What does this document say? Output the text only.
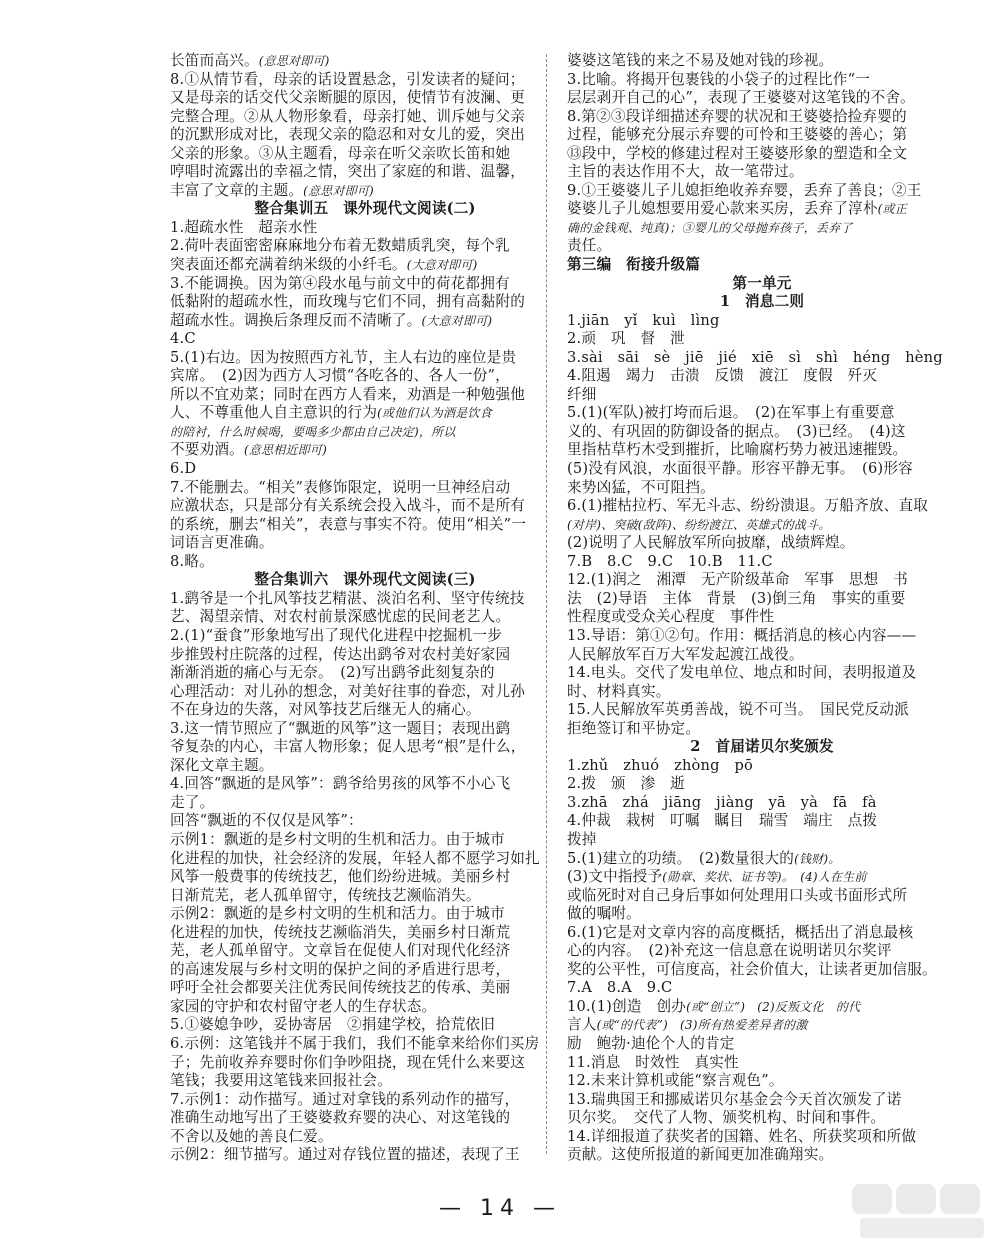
长笛而高兴。(意思对即可)
8.①从情节看，母亲的话设置悬念，引发读者的疑问；
又是母亲的话交代父亲断腿的原因，使情节有波澜、更
完整合理。②从人物形象看，母亲打她、训斥她与父亲
的沉默形成对比，表现父亲的隐忍和对女儿的爱，突出
父亲的形象。③从主题看，母亲在听父亲吹长笛和她
哼唱时流露出的幸福之情，突出了家庭的和谐、温馨，
丰富了文章的主题。(意思对即可)
整合集训五　课外现代文阅读(二)
1.超疏水性　超亲水性
2.荷叶表面密密麻麻地分布着无数蜡质乳突，每个乳
突表面还都充满着纳米级的小纤毛。(大意对即可)
3.不能调换。因为第④段水黾与前文中的荷花都拥有
低黏附的超疏水性，而玫瑰与它们不同，拥有高黏附的
超疏水性。调换后条理反而不清晰了。(大意对即可)
4.C
5.(1)右边。因为按照西方礼节，主人右边的座位是贵
宾席。　(2)因为西方人习惯“各吃各的、各人一份”，
所以不宜劝菜；同时在西方人看来，劝酒是一种勉强他
人、不尊重他人自主意识的行为(或他们认为酒是饮食
的陪衬，什么时候喝，要喝多少都由自己决定)，所以
不要劝酒。(意思相近即可)
6.D
7.不能删去。“相关”表修饰限定，说明一旦神经启动
应激状态，只是部分有关系统会投入战斗，而不是所有
的系统，删去“相关”，表意与事实不符。使用“相关”一
词语言更准确。
8.略。
整合集训六　课外现代文阅读(三)
1.鹞爷是一个扎风筝技艺精湛、淡泊名利、坚守传统技
艺、渴望亲情、对农村前景深感忧虑的民间老艺人。
2.(1)“蚕食”形象地写出了现代化进程中挖掘机一步
步推毁村庄院落的过程，传达出鹞爷对农村美好家园
渐渐消逝的痛心与无奈。　(2)写出鹞爷此刻复杂的
心理活动：对儿孙的想念，对美好往事的眷恋，对儿孙
不在身边的失落，对风筝技艺后继无人的痛心。
3.这一情节照应了“飘逝的风筝”这一题目；表现出鹞
爷复杂的内心，丰富人物形象；促人思考“根”是什么，
深化文章主题。
4.回答“飘逝的是风筝”：鹞爷给男孩的风筝不小心飞
走了。
回答“飘逝的不仅仅是风筝”：
示例1：飘逝的是乡村文明的生机和活力。由于城市
化进程的加快，社会经济的发展，年轻人都不愿学习如扎
风筝一般费事的传统技艺，他们纷纷进城。美丽乡村
日渐荒芜，老人孤单留守，传统技艺濒临消失。
示例2：飘逝的是乡村文明的生机和活力。由于城市
化进程的加快，传统技艺濒临消失，美丽乡村日渐荒
芜，老人孤单留守。文章旨在促使人们对现代化经济
的高速发展与乡村文明的保护之间的矛盾进行思考，
呼吁全社会都要关注优秀民间传统技艺的传承、美丽
家园的守护和农村留守老人的生存状态。
5.①婆媳争吵，妥协寄居　②捐建学校，拾荒依旧
6.示例：这笔钱并不属于我们，我们不能拿来给你们买房
子；先前收养弃婴时你们争吵阻挠，现在凭什么来要这
笔钱；我要用这笔钱来回报社会。
7.示例1：动作描写。通过对拿钱的系列动作的描写，
准确生动地写出了王婆婆救弃婴的决心、对这笔钱的
不舍以及她的善良仁爱。
示例2：细节描写。通过对存钱位置的描述，表现了王
婆婆这笔钱的来之不易及她对钱的珍视。
3.比喻。将揭开包裹钱的小袋子的过程比作“一
层层剥开自己的心”，表现了王婆婆对这笔钱的不舍。
8.第②③段详细描述弃婴的状况和王婆婆拾捡弃婴的
过程，能够充分展示弃婴的可怜和王婆婆的善心；第
⑬段中，学校的修建过程对王婆婆形象的塑造和全文
主旨的表达作用不大，故一笔带过。
9.①王婆婆儿子儿媳拒绝收养弃婴，丢弃了善良；②王
婆婆儿子儿媳想要用爱心款来买房，丢弃了淳朴(或正
确的金钱观、纯真)；③婴儿的父母抛弃孩子，丢弃了
责任。
第三编　衔接升级篇
第一单元
1　消息二则
1.jiān　yǐ　kuì　lìng
2.顽　巩　督　泄
3.sài　sāi　sè　jiē　jié　xiē　sì　shì　héng　hèng
4.阻遏　竭力　击溃　反馈　渡江　度假　歼灭
纤细
5.(1)(军队)被打垮而后退。　(2)在军事上有重要意
义的、有巩固的防御设备的据点。　(3)已经。　(4)这
里指枯草朽木受到摧折，比喻腐朽势力被迅速摧毁。
(5)没有风浪，水面很平静。形容平静无事。　(6)形容
来势凶猛，不可阻挡。
6.(1)摧枯拉朽、军无斗志、纷纷溃退。万船齐放、直取
(对岸)、突破(敌阵)、纷纷渡江、英雄式的战斗。
(2)说明了人民解放军所向披靡，战绩辉煌。
7.B　8.C　9.C　10.B　11.C
12.(1)润之　湘潭　无产阶级革命　军事　思想　书
法　(2)导语　主体　背景　(3)倒三角　事实的重要
性程度或受众关心程度　事件性
13.导语：第①②句。作用：概括消息的核心内容——
人民解放军百万大军发起渡江战役。
14.电头。交代了发电单位、地点和时间，表明报道及
时、材料真实。
15.人民解放军英勇善战，锐不可当。　国民党反动派
拒绝签订和平协定。
2　首届诺贝尔奖颁发
1.zhǔ　zhuó　zhòng　pō
2.拨　颁　渗　逝
3.zhā　zhá　jiāng　jiàng　yā　yà　fā　fà
4.仲裁　栽树　叮嘱　瞩目　瑞雪　端庄　点拨
拨掉
5.(1)建立的功绩。　(2)数量很大的(钱财)。
(3)文中指授予(勋章、奖状、证书等)。　(4)人在生前
或临死时对自己身后事如何处理用口头或书面形式所
做的嘱咐。
6.(1)它是对文章内容的高度概括，概括出了消息最核
心的内容。　(2)补充这一信息意在说明诺贝尔奖评
奖的公平性，可信度高，社会价值大，让读者更加信服。
7.A　8.A　9.C
10.(1)创造　创办(或“创立”)　(2)反叛文化　的代
言人(或“的代表”)　(3)所有热爱差异者的激
励　鲍勃·迪伦个人的肯定
11.消息　时效性　真实性
12.未来计算机或能“察言观色”。
13.瑞典国王和挪威诺贝尔基金会今天首次颁发了诺
贝尔奖。　交代了人物、颁奖机构、时间和事件。
14.详细报道了获奖者的国籍、姓名、所获奖项和所做
贡献。这使所报道的新闻更加准确翔实。
— 14 —
